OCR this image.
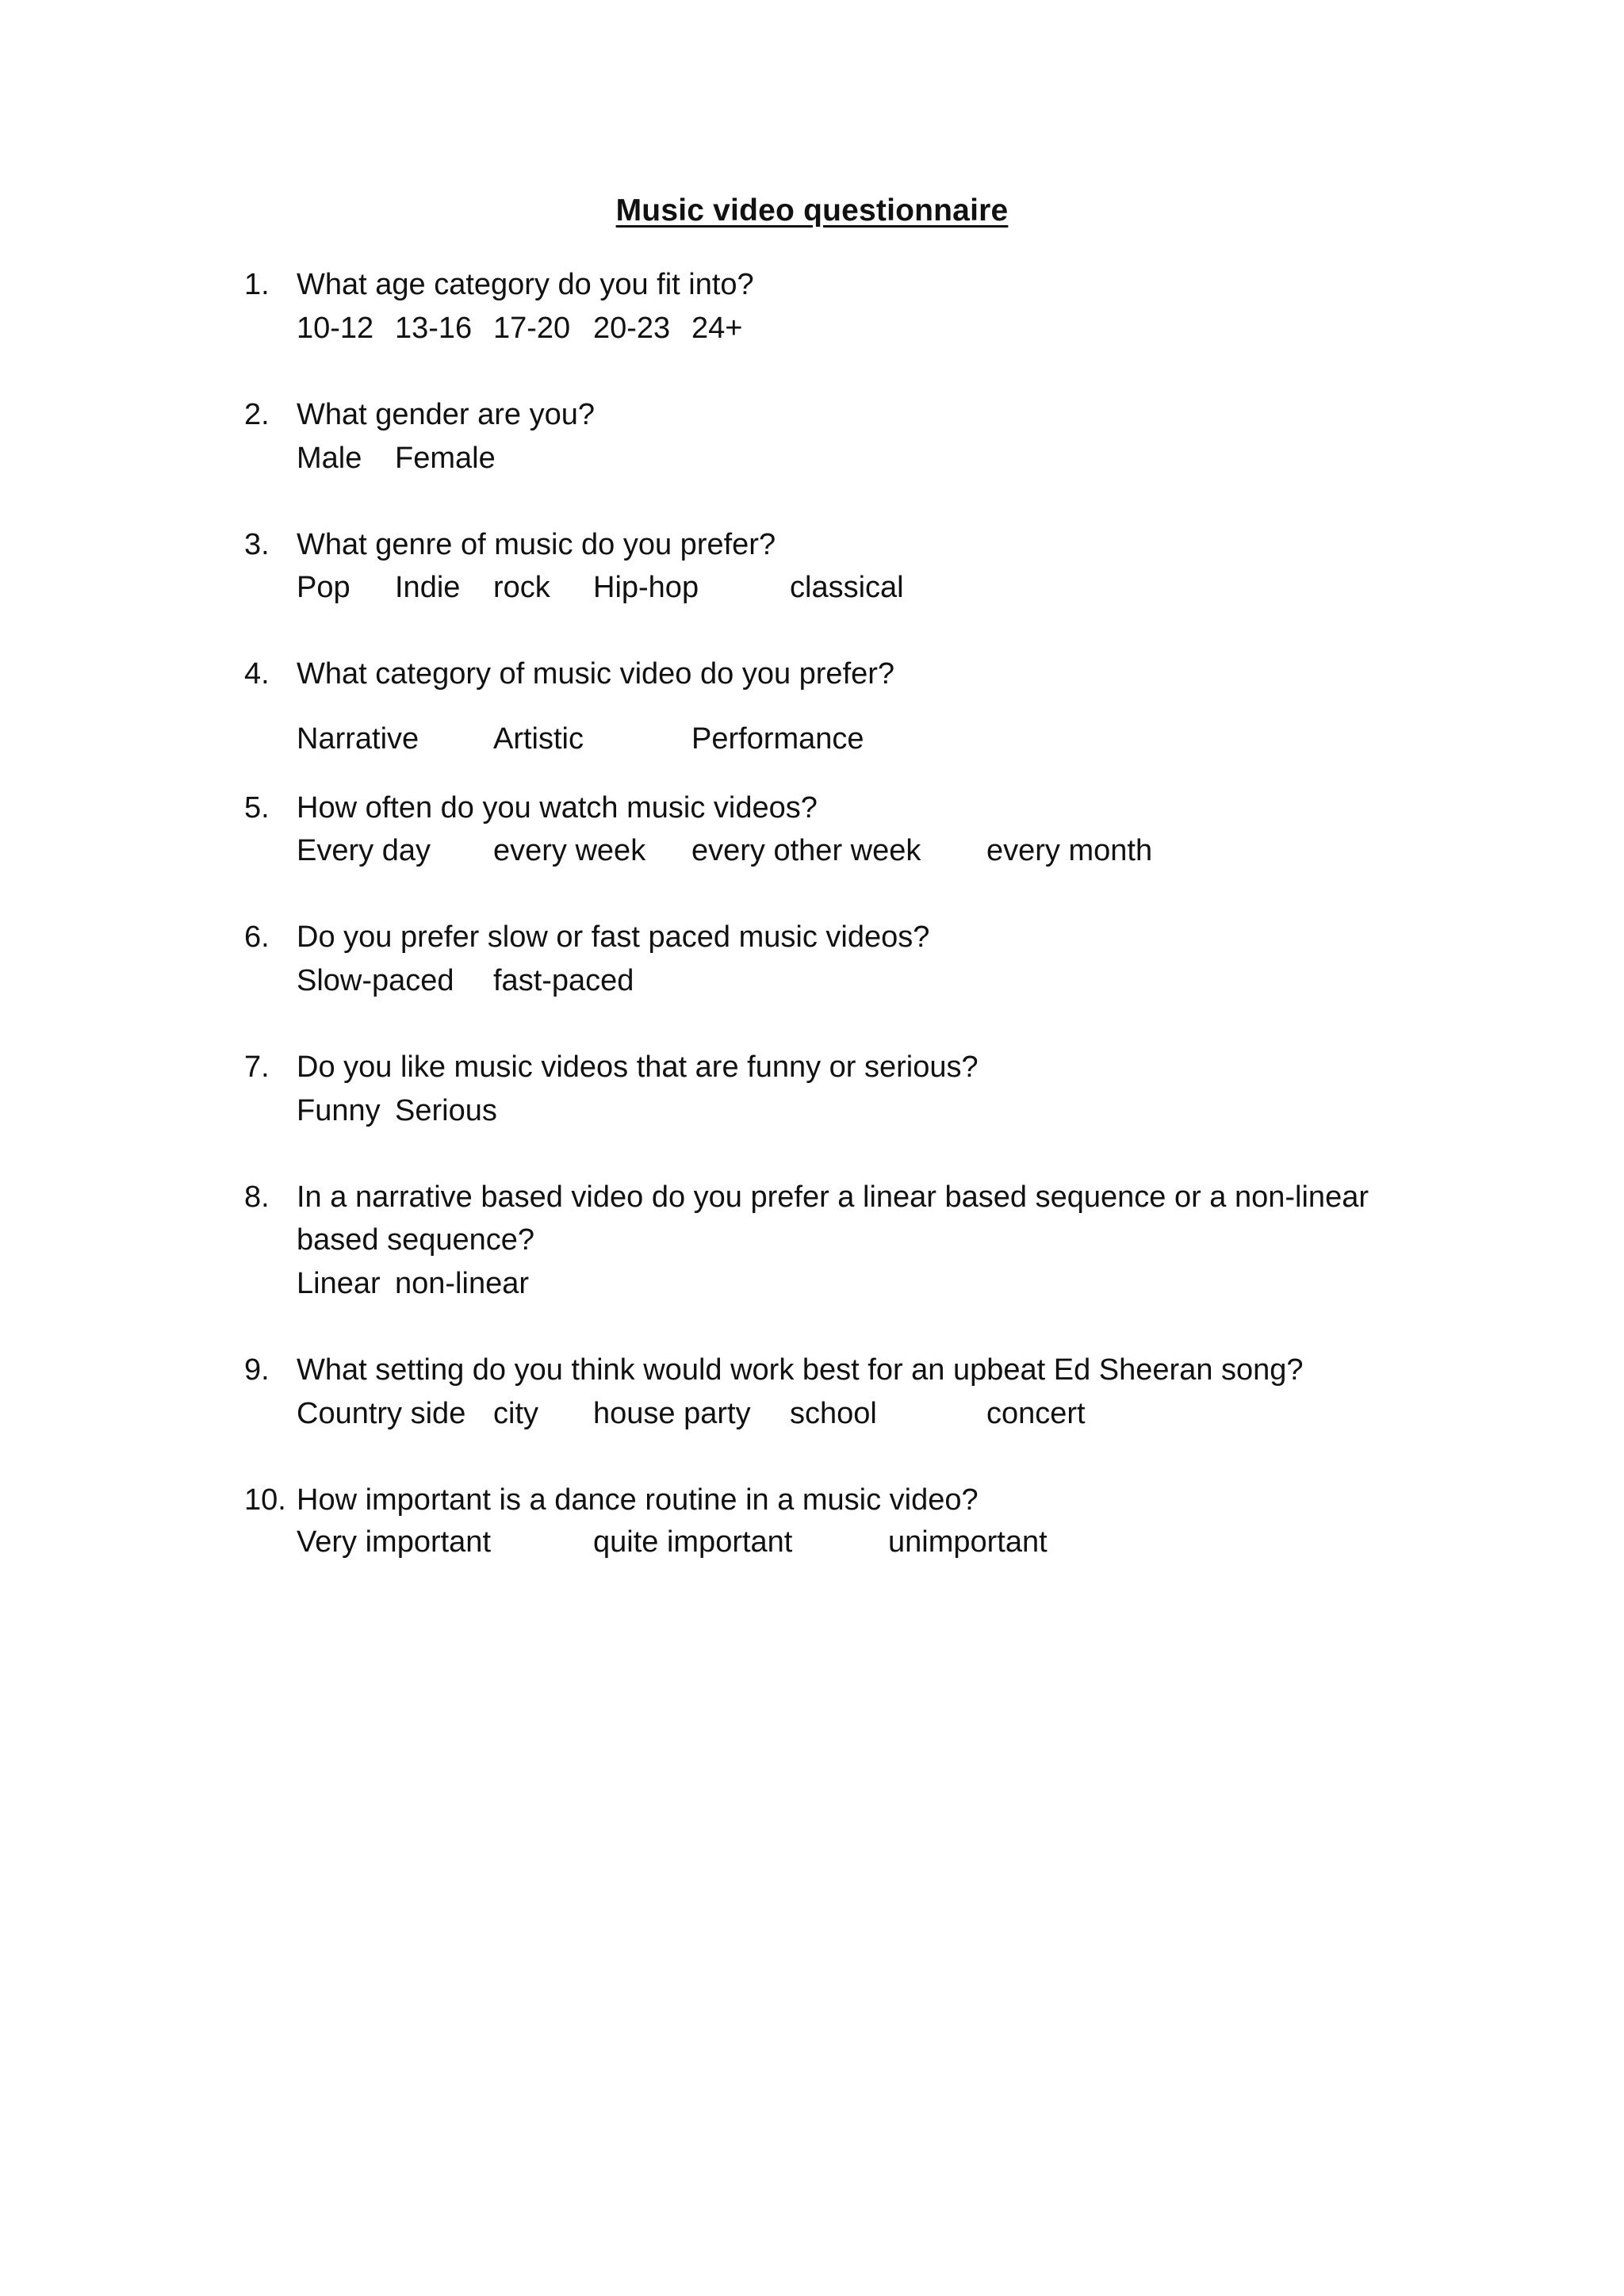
Music video questionnaire
1. What age category do you fit into?
10-12 13-16 17-20 20-23 24+
2. What gender are you?
Male Female
3. What genre of music do you prefer?
Pop Indie rock Hip-hop	classical
4. What category of music video do you prefer?
Narrative Artistic	Performance
5. How often do you watch music videos?
Every day every week every other week every month
6. Do you prefer slow or fast paced music videos?
Slow-paced fast-paced
7. Do you like music videos that are funny or serious?
Funny Serious
8. In a narrative based video do you prefer a linear based sequence or a non-linear
based sequence?
Linear non-linear
9. What setting do you think would work best for an upbeat Ed Sheeran song?
Country side city house party school	concert
10. How important is a dance routine in a music video?
Very important	quite important	unimportant
